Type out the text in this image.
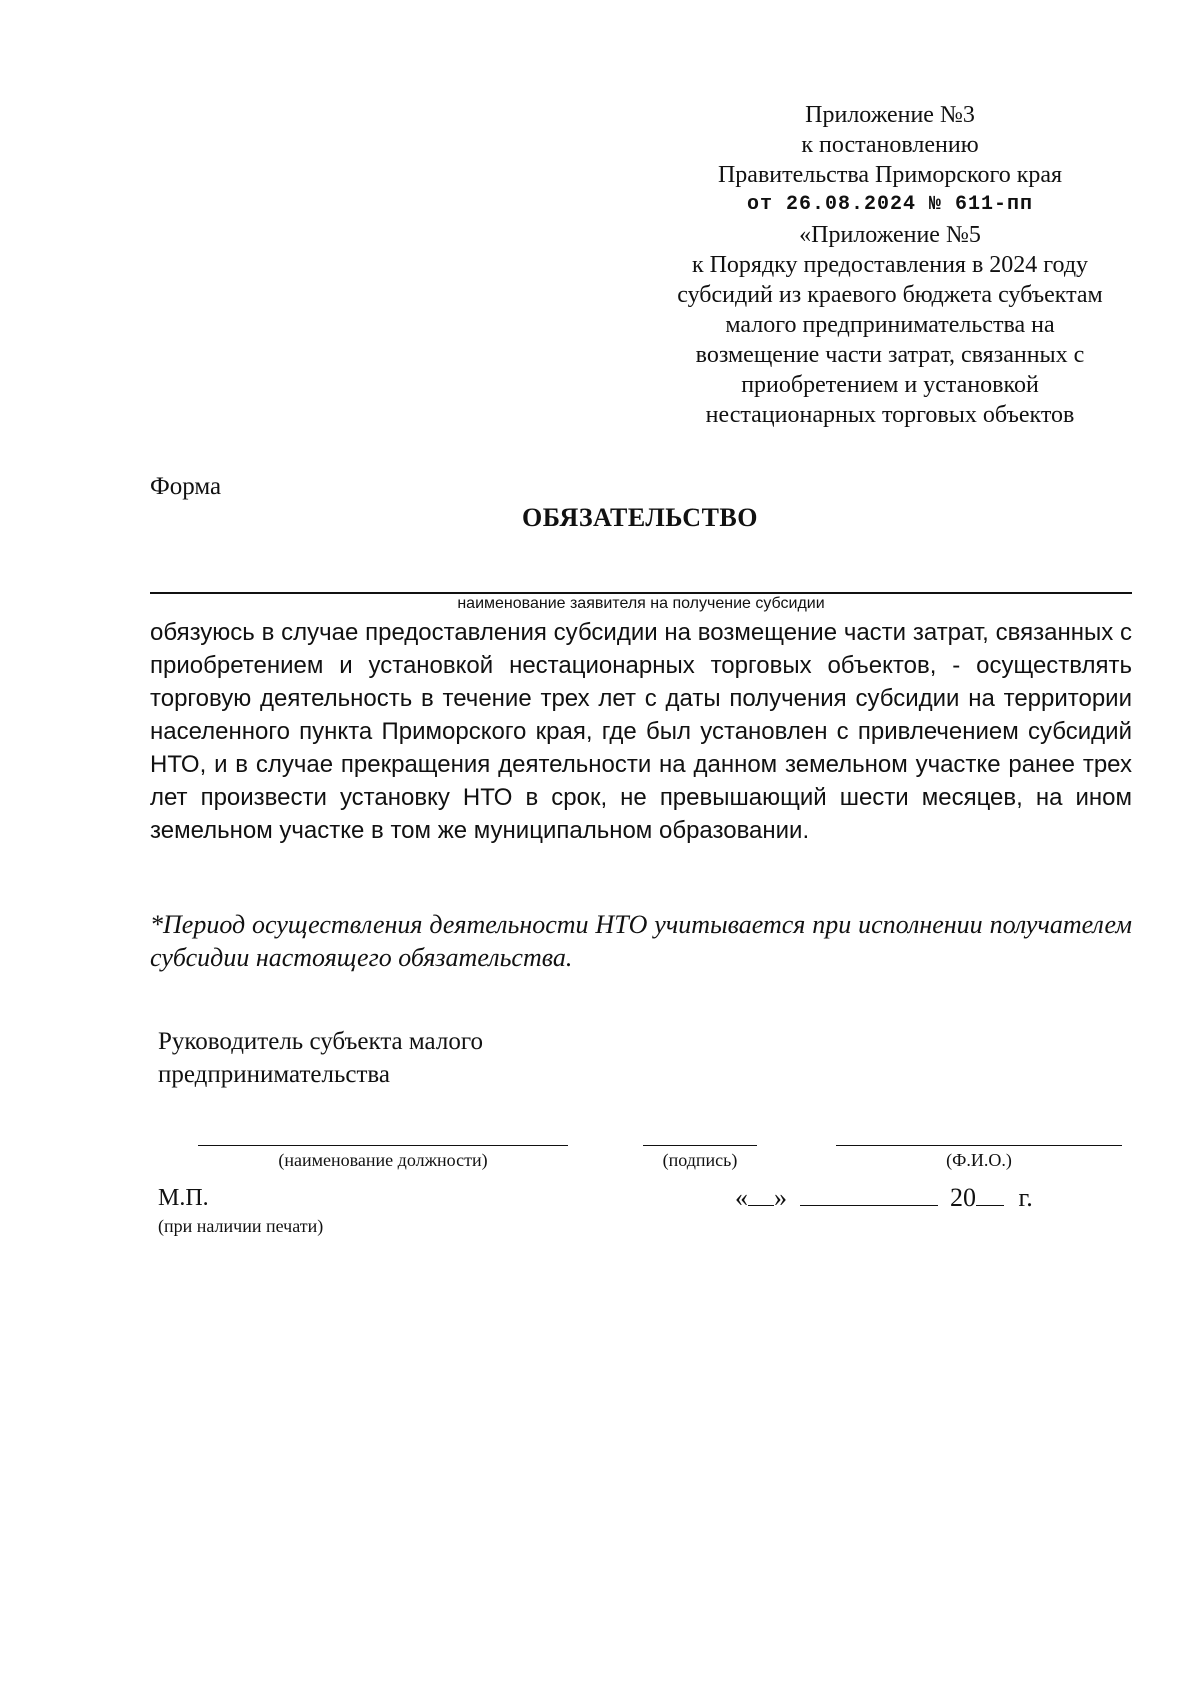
Приложение №3
к постановлению
Правительства Приморского края
от 26.08.2024 № 611-пп
«Приложение №5
к Порядку предоставления в 2024 году
субсидий из краевого бюджета субъектам
малого предпринимательства на
возмещение части затрат, связанных с
приобретением и установкой
нестационарных торговых объектов
Форма
ОБЯЗАТЕЛЬСТВО
наименование заявителя на получение субсидии
обязуюсь в случае предоставления субсидии на возмещение части затрат, связанных с приобретением и установкой нестационарных торговых объектов, - осуществлять торговую деятельность в течение трех лет с даты получения субсидии на территории населенного пункта Приморского края, где был установлен с привлечением субсидий НТО, и в случае прекращения деятельности на данном земельном участке ранее трех лет произвести установку НТО в срок, не превышающий шести месяцев, на ином земельном участке в том же муниципальном образовании.
*Период осуществления деятельности НТО учитывается при исполнении получателем субсидии настоящего обязательства.
Руководитель субъекта малого
предпринимательства
(наименование должности)	(подпись)	(Ф.И.О.)
М.П.
(при наличии печати)
« »	20 г.
